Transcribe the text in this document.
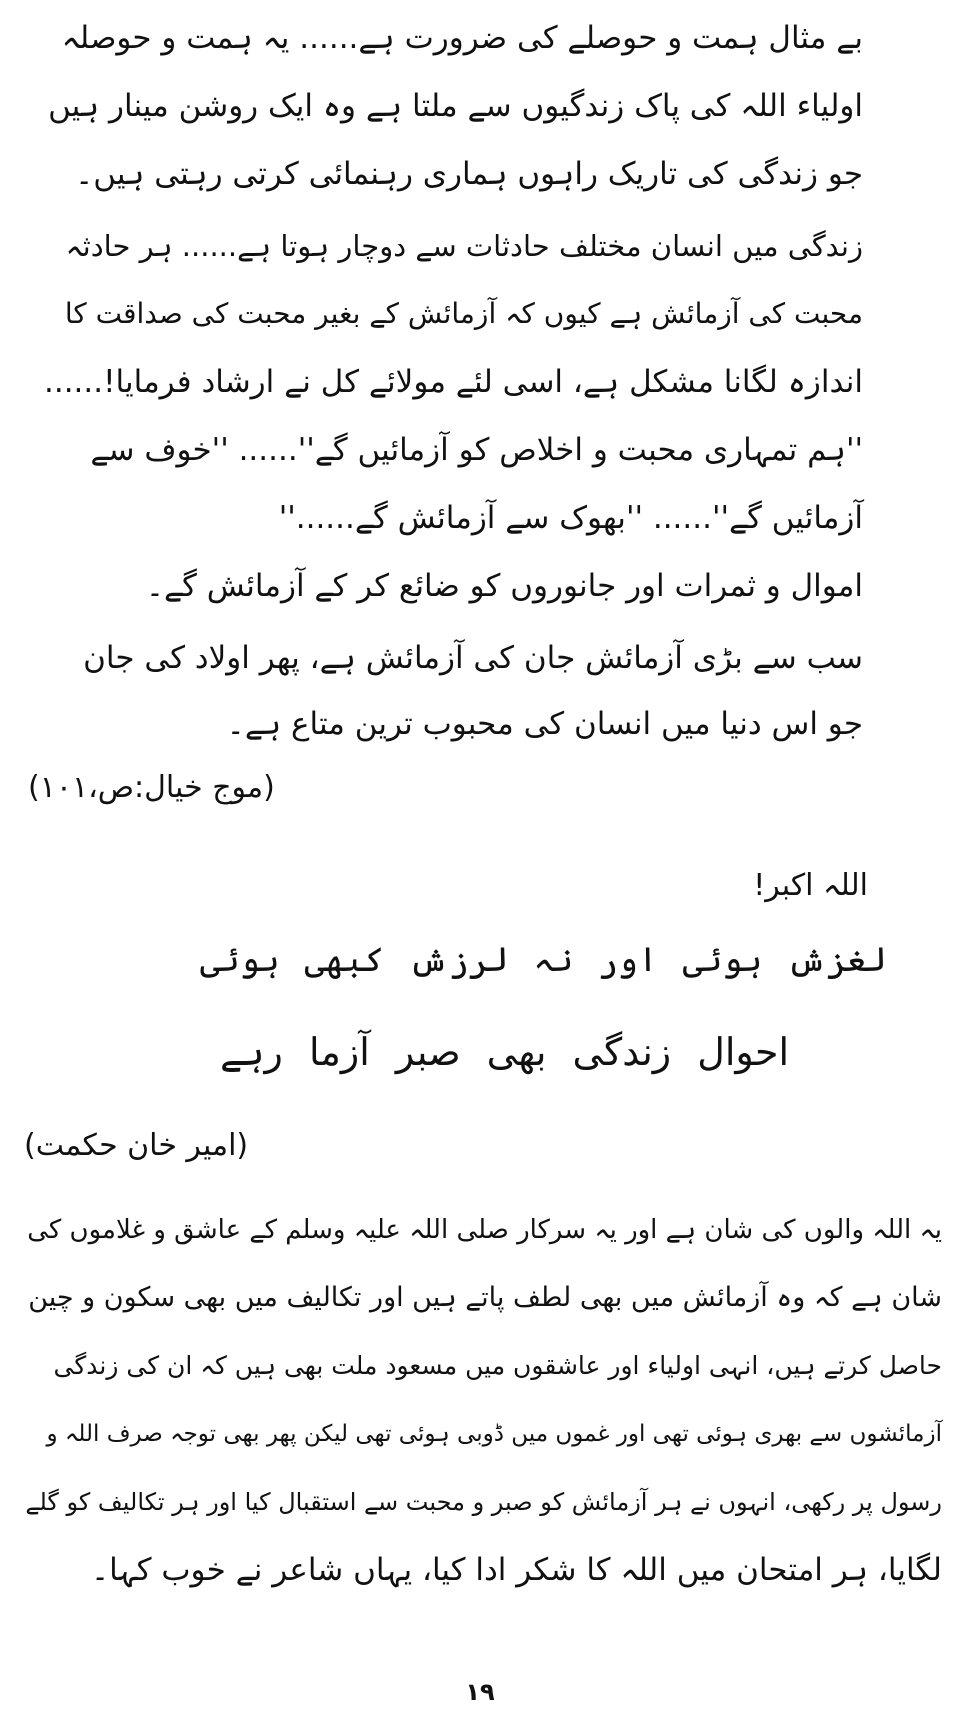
بے مثال ہمت و حوصلے کی ضرورت ہے...... یہ ہمت و حوصلہ
اولیاء اللہ کی پاک زندگیوں سے ملتا ہے وہ ایک روشن مینار ہیں
جو زندگی کی تاریک راہوں ہماری رہنمائی کرتی رہتی ہیں۔
زندگی میں انسان مختلف حادثات سے دوچار ہوتا ہے...... ہر حادثہ
محبت کی آزمائش ہے کیوں کہ آزمائش کے بغیر محبت کی صداقت کا
اندازہ لگانا مشکل ہے، اسی لئے مولائے کل نے ارشاد فرمایا!......
''ہم تمہاری محبت و اخلاص کو آزمائیں گے''...... ''خوف سے
آزمائیں گے''...... ''بھوک سے آزمائش گے......''
اموال و ثمرات اور جانوروں کو ضائع کر کے آزمائش گے۔
سب سے بڑی آزمائش جان کی آزمائش ہے، پھر اولاد کی جان
جو اس دنیا میں انسان کی محبوب ترین متاع ہے۔
(موج خیال:ص،۱۰۱)
اللہ اکبر!
لغزش ہوئی اور نہ لرزش کبھی ہوئی
احوال زندگی بھی صبر آزما رہے
(امیر خان حکمت)
یہ اللہ والوں کی شان ہے اور یہ سرکار صلی اللہ علیہ وسلم کے عاشق و غلاموں کی
شان ہے کہ وہ آزمائش میں بھی لطف پاتے ہیں اور تکالیف میں بھی سکون و چین
حاصل کرتے ہیں، انہی اولیاء اور عاشقوں میں مسعود ملت بھی ہیں کہ ان کی زندگی
آزمائشوں سے بھری ہوئی تھی اور غموں میں ڈوبی ہوئی تھی لیکن پھر بھی توجہ صرف اللہ و
رسول پر رکھی، انہوں نے ہر آزمائش کو صبر و محبت سے استقبال کیا اور ہر تکالیف کو گلے
لگایا، ہر امتحان میں اللہ کا شکر ادا کیا، یہاں شاعر نے خوب کہا۔
۱۹
